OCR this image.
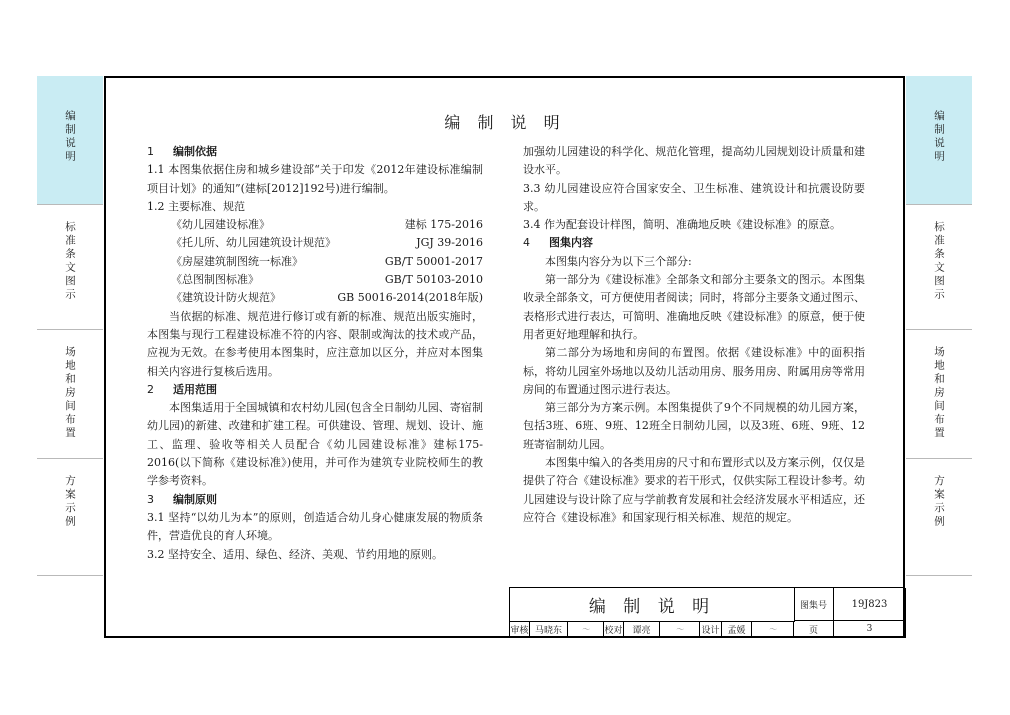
编制说明
标准条文图示
场地和房间布置
方案示例
编制说明
标准条文图示
场地和房间布置
方案示例
编 制 说 明

1 编制依据

1.1 本图集依据住房和城乡建设部“关于印发《2012年建设标准编制项目计划》的通知”(建标[2012]192号)进行编制。

1.2 主要标准、规范

《幼儿园建设标准》	建标 175-2016

《托儿所、幼儿园建筑设计规范》	JGJ 39-2016

《房屋建筑制图统一标准》	GB/T 50001-2017

《总图制图标准》	GB/T 50103-2010

《建筑设计防火规范》	GB 50016-2014(2018年版)

当依据的标准、规范进行修订或有新的标准、规范出版实施时，本图集与现行工程建设标准不符的内容、限制或淘汰的技术或产品，应视为无效。在参考使用本图集时，应注意加以区分，并应对本图集相关内容进行复核后选用。

2 适用范围

本图集适用于全国城镇和农村幼儿园(包含全日制幼儿园、寄宿制幼儿园)的新建、改建和扩建工程。可供建设、管理、规划、设计、施工、监理、验收等相关人员配合《幼儿园建设标准》建标175-2016(以下简称《建设标准》)使用，并可作为建筑专业院校师生的教学参考资料。

3 编制原则

3.1 坚持“以幼儿为本”的原则，创造适合幼儿身心健康发展的物质条件，营造优良的育人环境。

3.2 坚持安全、适用、绿色、经济、美观、节约用地的原则。

加强幼儿园建设的科学化、规范化管理，提高幼儿园规划设计质量和建设水平。

3.3 幼儿园建设应符合国家安全、卫生标准、建筑设计和抗震设防要求。

3.4 作为配套设计样图，简明、准确地反映《建设标准》的原意。

4 图集内容

本图集内容分为以下三个部分:

第一部分为《建设标准》全部条文和部分主要条文的图示。本图集收录全部条文，可方便使用者阅读；同时，将部分主要条文通过图示、表格形式进行表达，可简明、准确地反映《建设标准》的原意，便于使用者更好地理解和执行。

第二部分为场地和房间的布置图。依据《建设标准》中的面积指标，将幼儿园室外场地以及幼儿活动用房、服务用房、附属用房等常用房间的布置通过图示进行表达。

第三部分为方案示例。本图集提供了9个不同规模的幼儿园方案，包括3班、6班、9班、12班全日制幼儿园，以及3班、6班、9班、12班寄宿制幼儿园。

本图集中编入的各类用房的尺寸和布置形式以及方案示例，仅仅是提供了符合《建设标准》要求的若干形式，仅供实际工程设计参考。幼儿园建设与设计除了应与学前教育发展和社会经济发展水平相适应，还应符合《建设标准》和国家现行相关标准、规范的规定。

编 制 说 明	图集号	19J823
审核 马晓东	～	校对	谭亮	～	设计 孟媛	～	页	3
